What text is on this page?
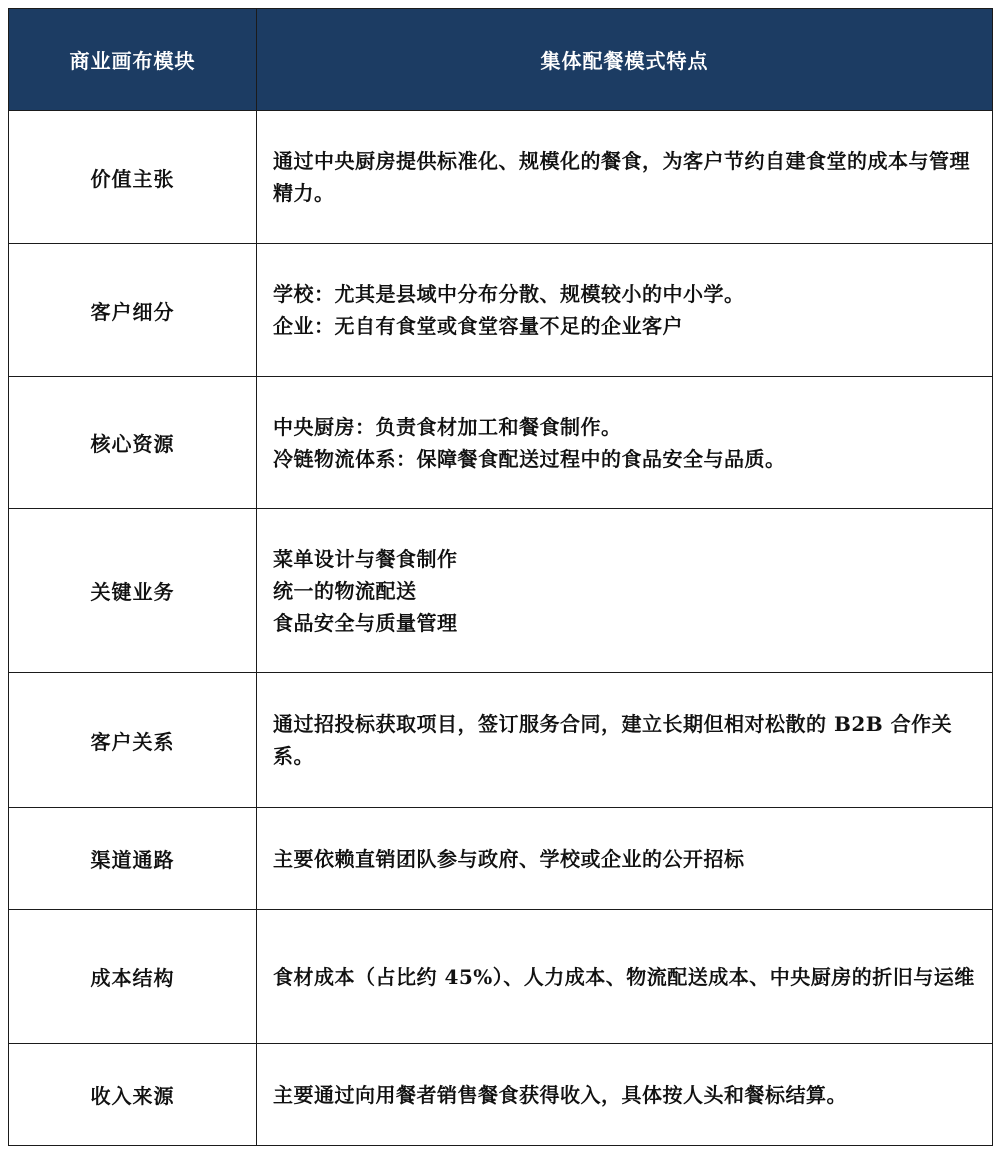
商业画布模块	集体配餐模式特点
价值主张	通过中央厨房提供标准化、规模化的餐食，为客户节约自建食堂的成本与管理精力。

客户细分	学校：尤其是县域中分布分散、规模较小的中小学。
企业：无自有食堂或食堂容量不足的企业客户

核心资源	中央厨房：负责食材加工和餐食制作。
冷链物流体系：保障餐食配送过程中的食品安全与品质。

关键业务	菜单设计与餐食制作
统一的物流配送
食品安全与质量管理

客户关系	通过招投标获取项目，签订服务合同，建立长期但相对松散的 B2B 合作关系。

渠道通路	主要依赖直销团队参与政府、学校或企业的公开招标

成本结构	食材成本（占比约 45%）、人力成本、物流配送成本、中央厨房的折旧与运维

收入来源	主要通过向用餐者销售餐食获得收入，具体按人头和餐标结算。
